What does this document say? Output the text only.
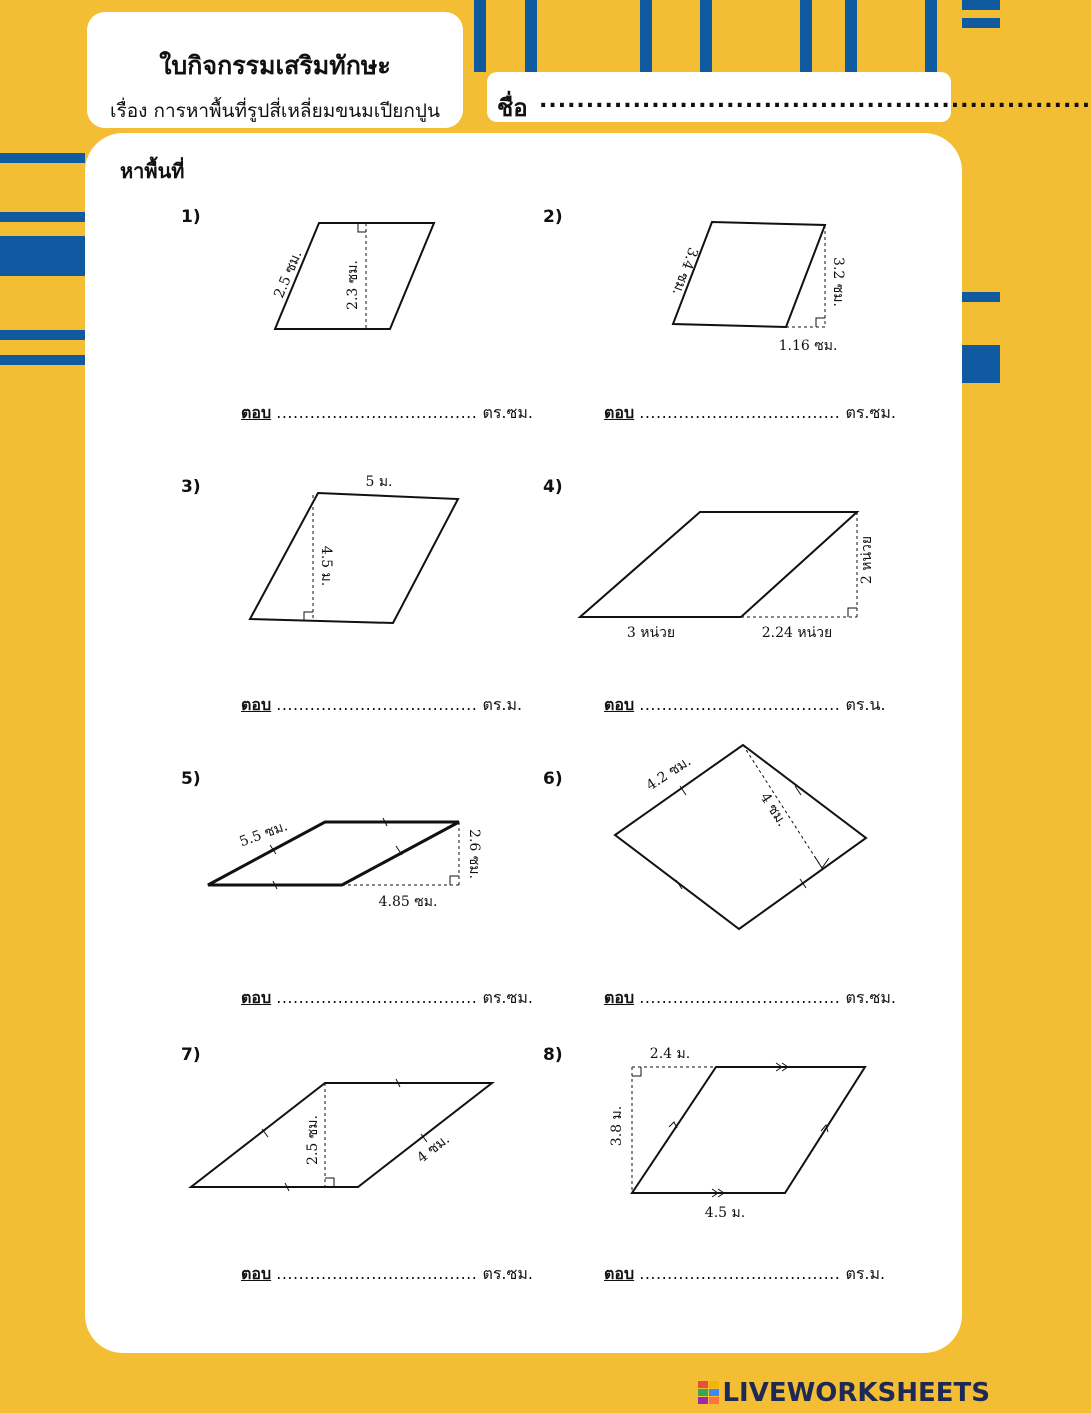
ใบกิจกรรมเสริมทักษะ
เรื่อง การหาพื้นที่รูปสี่เหลี่ยมขนมเปียกปูน	ชื่อ ...........................................................
หาพื้นที่
1)	2)
3)	4)
5)	6)
7)	8)
ตอบ .................................... ตร.ซม.	ตอบ .................................... ตร.ซม.
ตอบ .................................... ตร.ม.	ตอบ .................................... ตร.น.
ตอบ .................................... ตร.ซม.	ตอบ .................................... ตร.ซม.
ตอบ .................................... ตร.ซม.	ตอบ .................................... ตร.ม.
2.5 ซม.	2.3 ซม.	3.4 ซม.	3.2 ซม.
1.16 ซม.
5 ม.
4.5 ม.	2 หน่วย
3 หน่วย	2.24 หน่วย
5.5 ซม.	2.6 ซม.
4.85 ซม.
4.2 ซม.
4 ซม.
2.5 ซม.	4 ซม.
2.4 ม.
3.8 ม.
4.5 ม.
LIVEWORKSHEETS
